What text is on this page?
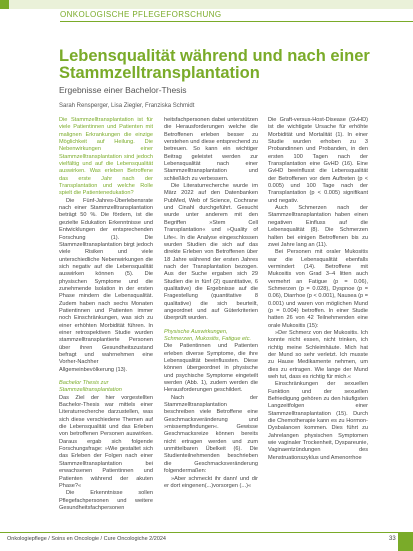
ONKOLOGISCHE PFLEGEFORSCHUNG
Lebensqualität während und nach einer Stammzelltransplantation
Ergebnisse einer Bachelor-Thesis
Sarah Rensperger, Lisa Ziegler, Franziska Schmidt

Die Stammzelltransplantation ist für viele Patientinnen und Patienten mit malignen Erkrankungen die einzige Möglichkeit auf Heilung. Die Nebenwirkungen einer Stammzelltransplantation sind jedoch vielfältig und auf die Lebensqualität auswirken. Was erleben Betroffene das erste Jahr nach der Transplantation und welche Rolle spielt die Patientenedukation?

Die Fünf-Jahres-Überlebensrate nach einer Stammzelltransplantation beträgt 50 %. Die fördern, ist die gezielte Edukation Erkenntnisse und Entwicklungen der entsprechenden Forschung (1). Die Stammzelltransplantation birgt jedoch viele Risiken und viele unterschiedliche Nebenwirkungen die sich negativ auf die Lebensqualität auswirken können (5). Die physischen Symptome und die zunehmende Isolation in der ersten Phase mindern die Lebensqualität. Zudem haben nach sechs Monaten Patientinnen und Patienten immer noch Einschränkungen, was sich zu einer erhöhten Morbidität führen. In einer retrospektiven Studie wurden stammzelltransplantierte Personen über ihren Gesundheitszustand befragt und wahrnehmen eine Vorher-Nachher Allgemeinbevölkerung (13).

Bachelor Thesis zur Stammzelltransplantation

Das Ziel der hier vorgestellten Bachelor-Thesis war mittels einer Literaturrecherche darzustellen, was sich diese verschiedene Themen auf die Lebensqualität und das Erleben von betroffenen Personen auswirken. Daraus ergab sich folgende Forschungsfrage: »Wie gestaltet sich das Erleben der Folgen nach einer Stammzelltransplantation bei erwachsenen Patientinnen und Patienten während der akuten Phase?«

Die Erkenntnisse sollen Pflegefachpersonen und weitere Gesundheitsfachpersonen

heitsfachpersonen dabei unterstützen die Herausforderungen welche die Betroffenen erleben besser zu verstehen und diese entsprechend zu betreuen. So kann ein wichtiger Beitrag geleistet werden zur Lebensqualität nach einer Stammzelltransplantation und schließlich zu verbessern.

Die Literaturrecherche wurde im März 2022 auf den Datenbanken PubMed, Web of Science, Cochrane und Cinahl durchgeführt. Gesucht wurde unter anderem mit den Begriffen »Stem Cell Transplantation« und »Quality of Life«. In die Analyse eingeschlossen wurden Studien die sich auf das direkte Erleben von Betroffenen über 18 Jahre während der ersten Jahres nach der Transplantation bezogen. Aus der Suche ergaben sich 29 Studien die in fünf (2) quantitative, 6 qualitative) die Ergebnisse auf die Fragestellung (quantitative 8 qualitative) die sich beurteilt, angeordnet und auf Güterkriterien überprüft wurden.

Physische Auswirkungen, Schmerzen, Mukositis, Fatigue etc.

Die Patientinnen und Patienten erleben diverse Symptome, die ihre Lebensqualität beeinflussten. Diese können übergeordnet in physische und psychische Symptome eingeteilt werden (Abb. 1), zudem werden die Herausforderungen geschildert.

Nach der Stammzelltransplantation beschreiben viele Betroffene eine Geschmacksveränderung und »missempfindungen«. Gewisse Geschmacksreize können bereits nicht ertragen werden und zum unmittelbaren Übelkeit (6). Die Studienteilnehmenden beschrieben die Geschmacksveränderung folgendermaßen:

»Aber schmeckt ihr dann! und dir er dort eingenen(...)vorsorgen (...)«

Die Graft-versus-Host-Disease (GvHD) ist die wichtigste Ursache für erhöhte Morbidität und Mortalität (1). In einer Studie wurden erhoben zu 3 Probandinnen und Probanden, in den ersten 100 Tagen nach der Transplantation eine GvHD (16). Eine GvHD beeinflusst die Lebensqualität der Betroffenen vor dem Auftreten (p < 0.005) und 100 Tage nach der Transplantation (p < 0.005) signifikant und negativ.

Auch Schmerzen nach der Stammzelltransplantation haben einen negativen Einfluss auf die Lebensqualität (8). Die Schmerzen halten bei einigen Betroffenen bis zu zwei Jahre lang an (11).

Bei Personen mit oraler Mukositis war die Lebensqualität ebenfalls vermindert (14). Betroffene mit Mukositis von Grad 3–4 litten auch vermehrt an Fatigue (p = 0.06), Schmerzen (p = 0.028), Dyspnoe (p = 0.06), Diarrhoe (p < 0.001), Nausea (p = 0.001) und waren von möglichen Mund (p = 0.004) betroffen. In einer Studie hatten 26 von 42 Teilnehmenden eine orale Mukositis (15):

»Der Schmerz von der Mukositis. Ich konnte nicht essen, nicht trinken, ich richtig meine Schleimhäute. Mich hat der Mund so sehr verletzt. Ich musste zu Hause Medikamente nehmen, um dies zu ertragen. Wie lange der Mund weh tut, dass es richtig für mich.«

Einschränkungen der sexuellen Funktion und der sexuellen Befriedigung gehören zu den häufigsten Langzeitfolgen einer Stammzelltransplantation (15). Durch die Chemotherapie kann es zu Hormon-Dysbalancen kommen. Dies führt zu Jahrelangen physischen Symptomen wie vaginaler Trockenheit, Dyspareunie, Vaginaentzündungen des Menstruationszyklus und Amenorrhoe

Onkologiepflege / Soins en Oncologie / Cure Oncologiche 2/2024	33
